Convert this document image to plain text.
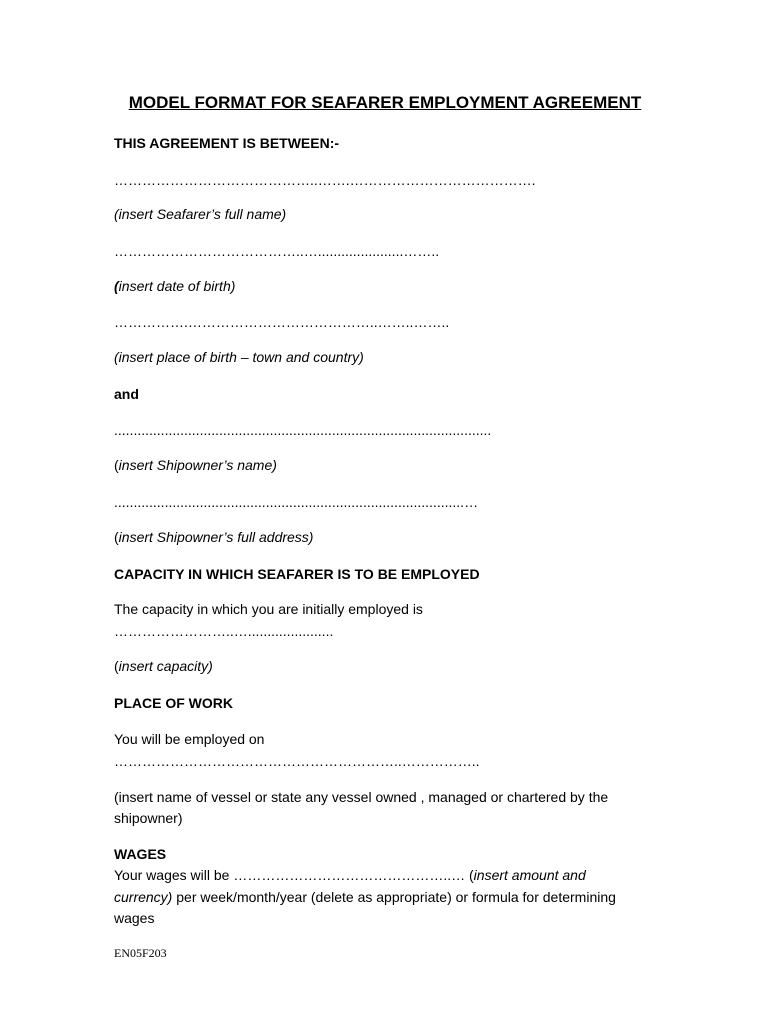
MODEL FORMAT FOR SEAFARER EMPLOYMENT AGREEMENT
THIS AGREEMENT IS BETWEEN:-
……………………………………..…….………………………………….
(insert Seafarer’s full name)
…………………………………..…......................……..
(insert date of birth)
…………….…………………………………..……..……..
(insert place of birth – town and country)
and
.................................................................................................
(insert Shipowner’s name)
..........................................................................................…
(insert Shipowner’s full address)
CAPACITY IN WHICH SEAFARER IS TO BE EMPLOYED
The capacity in which you are initially employed is
……………………..…......................
(insert capacity)
PLACE OF WORK
You will be employed on
……………………………………………………..……………..
(insert name of vessel or state any vessel owned , managed or chartered by the
shipowner)
WAGES
Your wages will be ………………………………………..… (insert amount and
currency) per week/month/year (delete as appropriate) or formula for determining
wages
EN05F203
